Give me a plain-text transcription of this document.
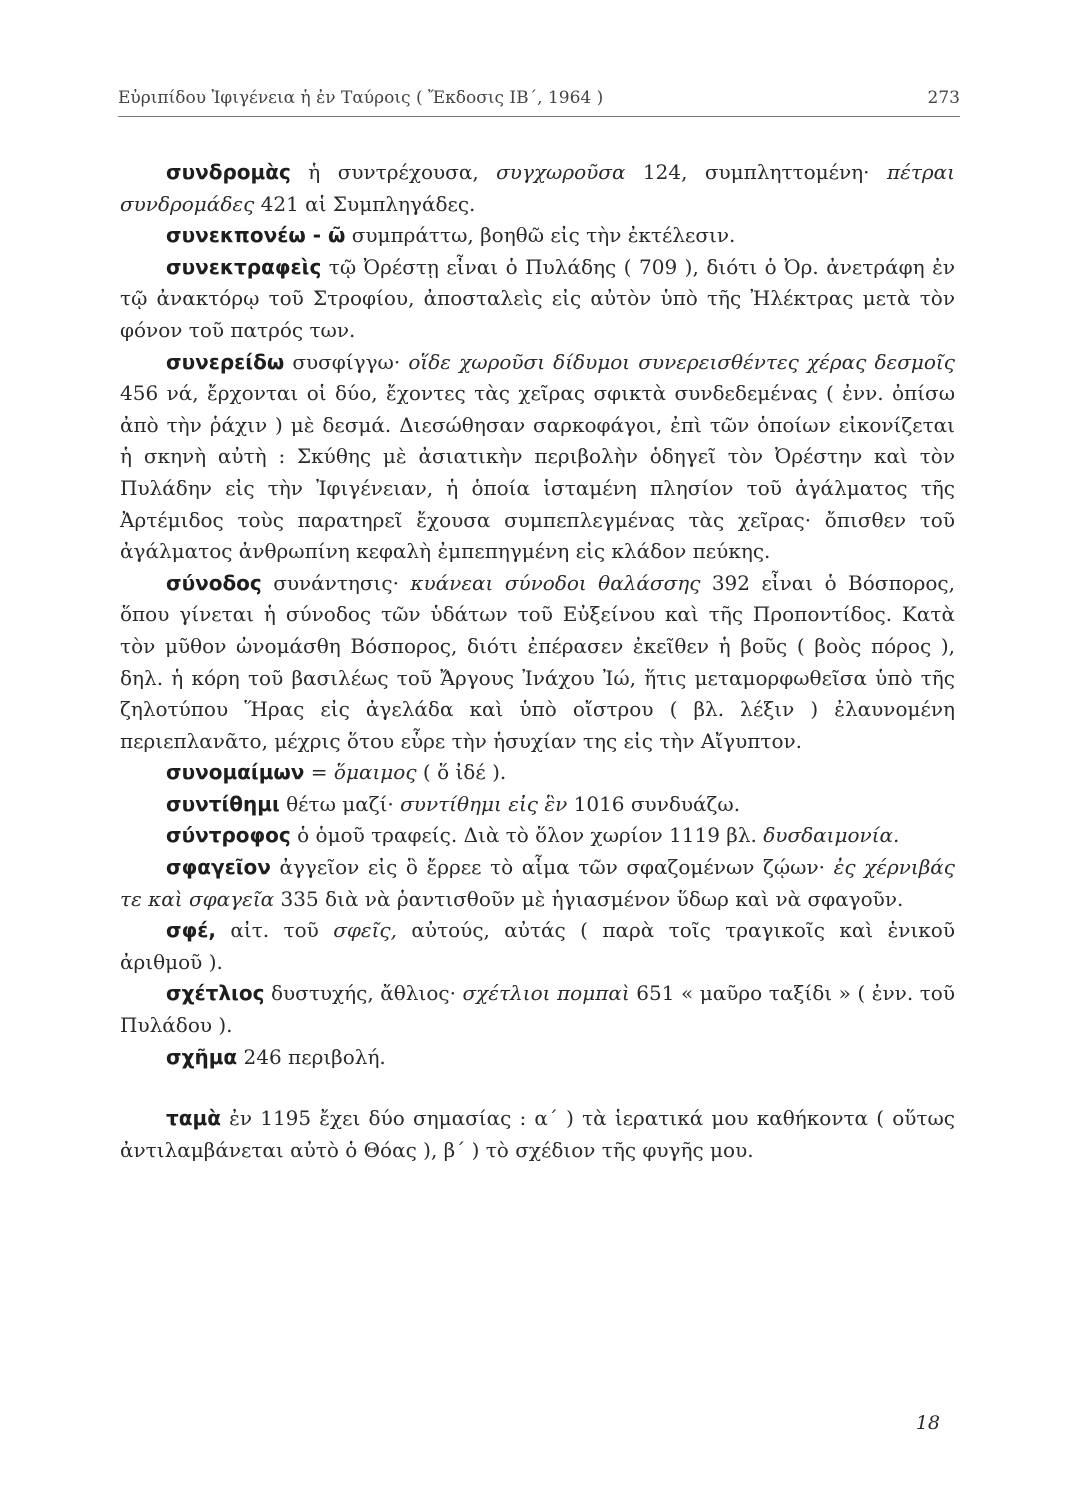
Εὐριπίδου Ἰφιγένεια ἡ ἐν Ταύροις ( Ἔκδοσις ΙΒ΄, 1964 )	273

συνδρομὰς ἡ συντρέχουσα, συγχωροῦσα 124, συμπληττομένη· πέτραι συνδρομάδες 421 αἱ Συμπληγάδες.

συνεκπονέω - ῶ συμπράττω, βοηθῶ εἰς τὴν ἐκτέλεσιν.

συνεκτραφεὶς τῷ Ὀρέστῃ εἶναι ὁ Πυλάδης ( 709 ), διότι ὁ Ὀρ. ἀνετράφη ἐν τῷ ἀνακτόρῳ τοῦ Στροφίου, ἀποσταλεὶς εἰς αὐτὸν ὑπὸ τῆς Ἠλέκτρας μετὰ τὸν φόνον τοῦ πατρός των.

συνερείδω συσφίγγω· οἵδε χωροῦσι δίδυμοι συνερεισθέντες χέρας δεσμοῖς 456 νά, ἔρχονται οἱ δύο, ἔχοντες τὰς χεῖρας σφικτὰ συνδεδεμένας ( ἐνν. ὀπίσω ἀπὸ τὴν ῥάχιν ) μὲ δεσμά. Διεσώθησαν σαρκοφάγοι, ἐπὶ τῶν ὁποίων εἰκονίζεται ἡ σκηνὴ αὐτὴ : Σκύθης μὲ ἀσιατικὴν περιβολὴν ὁδηγεῖ τὸν Ὀρέστην καὶ τὸν Πυλάδην εἰς τὴν Ἰφιγένειαν, ἡ ὁποία ἱσταμένη πλησίον τοῦ ἀγάλματος τῆς Ἀρτέμιδος τοὺς παρατηρεῖ ἔχουσα συμπεπλεγμένας τὰς χεῖρας· ὄπισθεν τοῦ ἀγάλματος ἀνθρωπίνη κεφαλὴ ἐμπεπηγμένη εἰς κλάδον πεύκης.

σύνοδος συνάντησις· κυάνεαι σύνοδοι θαλάσσης 392 εἶναι ὁ Βόσπορος, ὅπου γίνεται ἡ σύνοδος τῶν ὑδάτων τοῦ Εὐξείνου καὶ τῆς Προποντίδος. Κατὰ τὸν μῦθον ὠνομάσθη Βόσπορος, διότι ἐπέρασεν ἐκεῖθεν ἡ βοῦς ( βοὸς πόρος ), δηλ. ἡ κόρη τοῦ βασιλέως τοῦ Ἄργους Ἰνάχου Ἰώ, ἥτις μεταμορφωθεῖσα ὑπὸ τῆς ζηλοτύπου Ἥρας εἰς ἀγελάδα καὶ ὑπὸ οἴστρου ( βλ. λέξιν ) ἐλαυνομένη περιεπλανᾶτο, μέχρις ὅτου εὗρε τὴν ἡσυχίαν της εἰς τὴν Αἴγυπτον.

συνομαίμων = ὅμαιμος ( ὅ ἰδέ ).

συντίθημι θέτω μαζί· συντίθημι εἰς ἓν 1016 συνδυάζω.

σύντροφος ὁ ὁμοῦ τραφείς. Διὰ τὸ ὅλον χωρίον 1119 βλ. δυσδαιμονία.

σφαγεῖον ἀγγεῖον εἰς ὃ ἔρρεε τὸ αἷμα τῶν σφαζομένων ζῴων· ἐς χέρνιβάς τε καὶ σφαγεῖα 335 διὰ νὰ ῥαντισθοῦν μὲ ἡγιασμένον ὕδωρ καὶ νὰ σφαγοῦν.

σφέ, αἰτ. τοῦ σφεῖς, αὐτούς, αὐτάς ( παρὰ τοῖς τραγικοῖς καὶ ἑνικοῦ ἀριθμοῦ ).

σχέτλιος δυστυχής, ἄθλιος· σχέτλιοι πομπαὶ 651 « μαῦρο ταξίδι » ( ἐνν. τοῦ Πυλάδου ).

σχῆμα 246 περιβολή.

ταμὰ ἐν 1195 ἔχει δύο σημασίας : α΄ ) τὰ ἱερατικά μου καθήκοντα ( οὕτως ἀντιλαμβάνεται αὐτὸ ὁ Θόας ), β΄ ) τὸ σχέδιον τῆς φυγῆς μου.

18
